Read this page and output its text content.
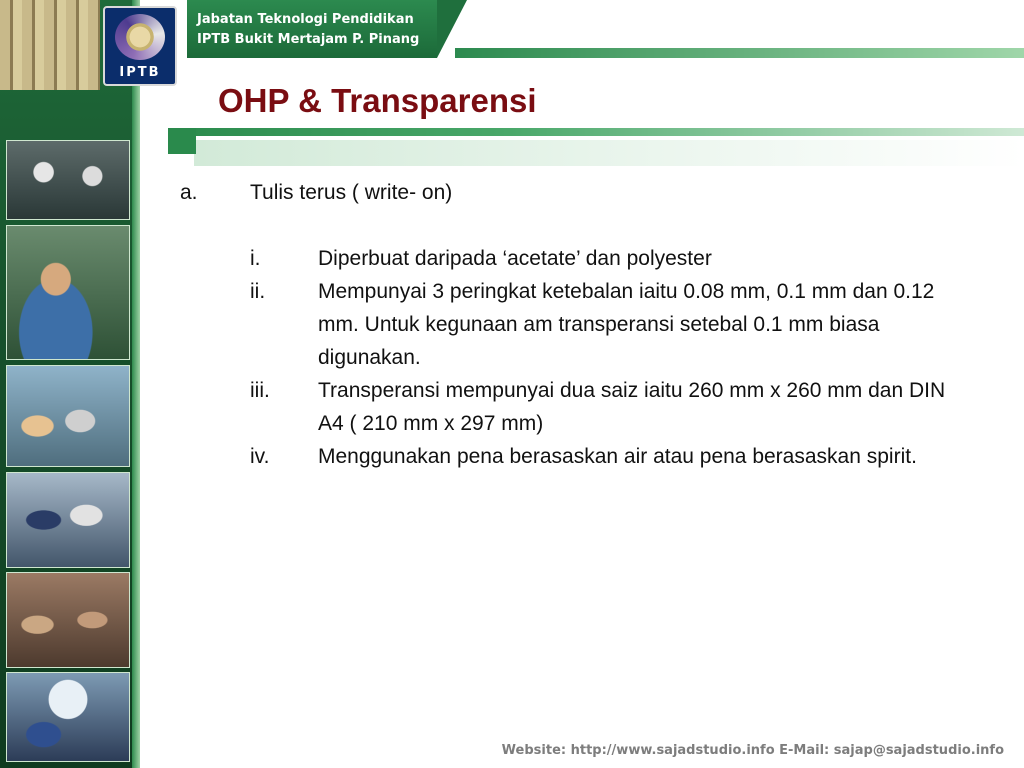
IPTB
Jabatan Teknologi Pendidikan
IPTB Bukit Mertajam P. Pinang
OHP & Transparensi
a. Tulis terus ( write- on)
i.	Diperbuat daripada ‘acetate’ dan polyester
ii.	Mempunyai 3 peringkat ketebalan iaitu 0.08 mm, 0.1 mm dan 0.12 mm. Untuk kegunaan am transperansi setebal 0.1 mm biasa digunakan.
iii. Transperansi mempunyai dua saiz iaitu 260 mm x 260 mm dan DIN A4 ( 210 mm x 297 mm)
iv. Menggunakan pena berasaskan air atau pena berasaskan spirit.
Website: http://www.sajadstudio.info E-Mail: sajap@sajadstudio.info
